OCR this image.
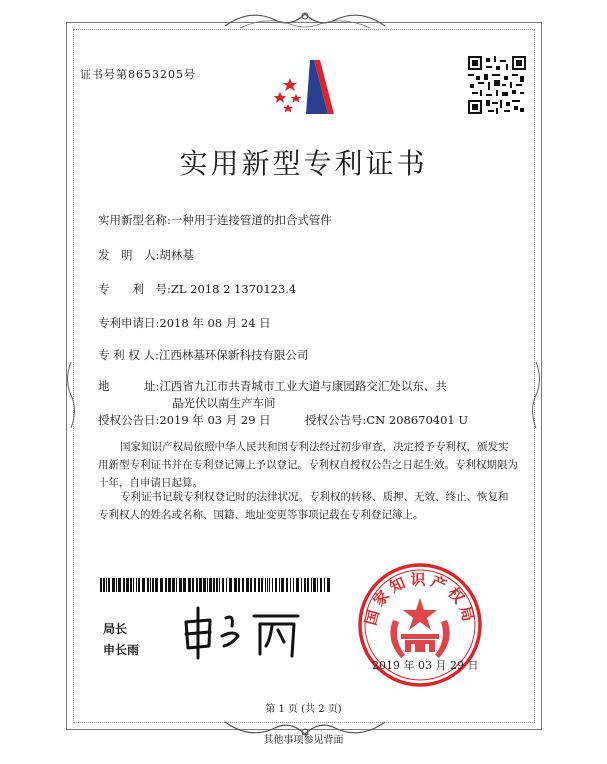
证书号第8653205号
实用新型专利证书
实用新型名称:一种用于连接管道的扣合式管件
发　明　人:胡林基
专　　利　号:ZL 2018 2 1370123.4
专利申请日:2018 年 08 月 24 日
专 利 权 人:江西林基环保新科技有限公司
地　　　址:江西省九江市共青城市工业大道与康园路交汇处以东、共
晶光伏以南生产车间
授权公告日:2019 年 03 月 29 日	授权公告号:CN 208670401 U

国家知识产权局依照中华人民共和国专利法经过初步审查，决定授予专利权，颁发实用新型专利证书并在专利登记簿上予以登记。专利权自授权公告之日起生效。专利权期限为十年，自申请日起算。

专利证书记载专利权登记时的法律状况。专利权的转移、质押、无效、终止、恢复和专利权人的姓名或名称、国籍、地址变更等事项记载在专利登记簿上。

局长
申长雨
国家知识产权局
2019 年 03 月 29 日
第 1 页 (共 2 页)
其他事项参见背面
